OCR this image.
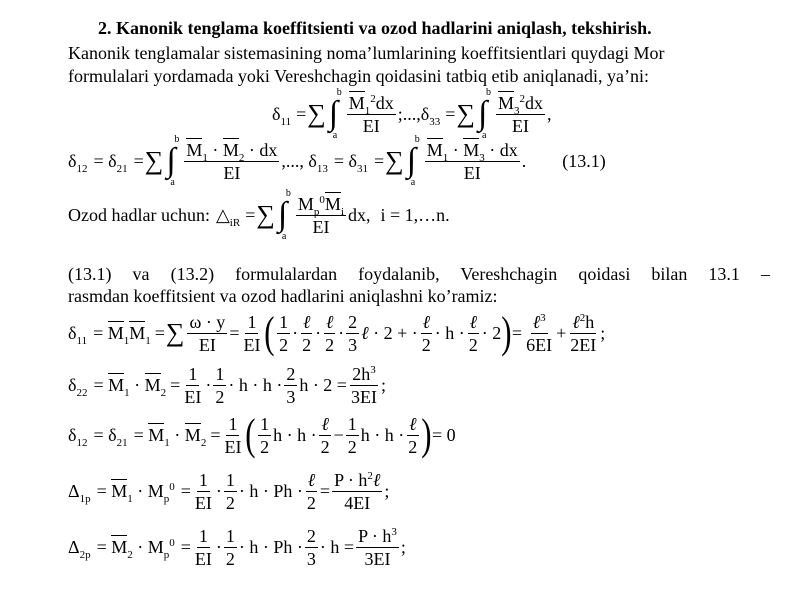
2. Kanonik tenglama koeffitsienti va ozod hadlarini aniqlash, tekshirish.
Kanonik tenglamalar sistemasining noma’lumlarining koeffitsientlari quydagi Mor
formulalari yordamada yoki Vereshchagin qoidasini tatbiq etib aniqlanadi, ya’ni:
$\delta_{11}$ = ∑
b
∫
a $\frac{M_1^2dx}{EI}$ $;...,\delta_{33}$ = ∑
b
∫
a $\frac{M_3^2dx}{EI}$ ,
$\delta_{12} = \delta_{21}$ = ∑
b
∫
a $\frac{M_1 \cdot M_2 \cdot dx}{EI}$ ,..., $\delta_{13} = \delta_{31}$ = ∑
b
∫
a $\frac{M_1 \cdot M_3 \cdot dx}{EI}$ . (13.1)
Ozod hadlar uchun: $\triangle_{iR}$ = ∑
b
∫
a $\frac{M_p^0M_i}{EI}$ dx, i = 1,…n.
(13.1) va (13.2) formulalardan foydalanib, Vereshchagin qoidasi bilan 13.1 –
rasmdan koeffitsient va ozod hadlarini aniqlashni ko’ramiz:
$\delta_{11} = M_1M_1$ = ∑ $\frac{\omega \cdot y}{EI} = \frac{1}{EI}$ ( $\frac{1}{2} \cdot \frac{\text{ℓ}}{2} \cdot \frac{\text{ℓ}}{2} \cdot \frac{2}{3}$ ℓ · 2 + · $\frac{\text{ℓ}}{2} \cdot h \cdot \frac{\text{ℓ}}{2} \cdot 2$ ) = $\frac{\ell^3}{6EI} + \frac{\ell^2h}{2EI}$ ;
$\delta_{22} = M_1 \cdot M_2 = \frac{1}{EI} \cdot \frac{1}{2} \cdot h \cdot h \cdot \frac{2}{3}$ $h \cdot 2 = \frac{2h^3}{3EI}$ ;
$\delta_{12} = \delta_{21} = M_1 \cdot M_2 = \frac{1}{EI}$ ( $\frac{1}{2}$ $h \cdot h \cdot \frac{\text{ℓ}}{2} - \frac{1}{2}$ $h \cdot h \cdot \frac{\text{ℓ}}{2}$ ) = 0
$\Delta_{1p} = M_1 \cdot M_p^0 = \frac{1}{EI} \cdot \frac{1}{2} \cdot h \cdot Ph \cdot \frac{\text{ℓ}}{2} = \frac{P \cdot h^2\ell}{4EI}$ ;
$\Delta_{2p} = M_2 \cdot M_p^0 = \frac{1}{EI} \cdot \frac{1}{2} \cdot h \cdot Ph \cdot \frac{2}{3} \cdot h = \frac{P \cdot h^3}{3EI}$ ;
